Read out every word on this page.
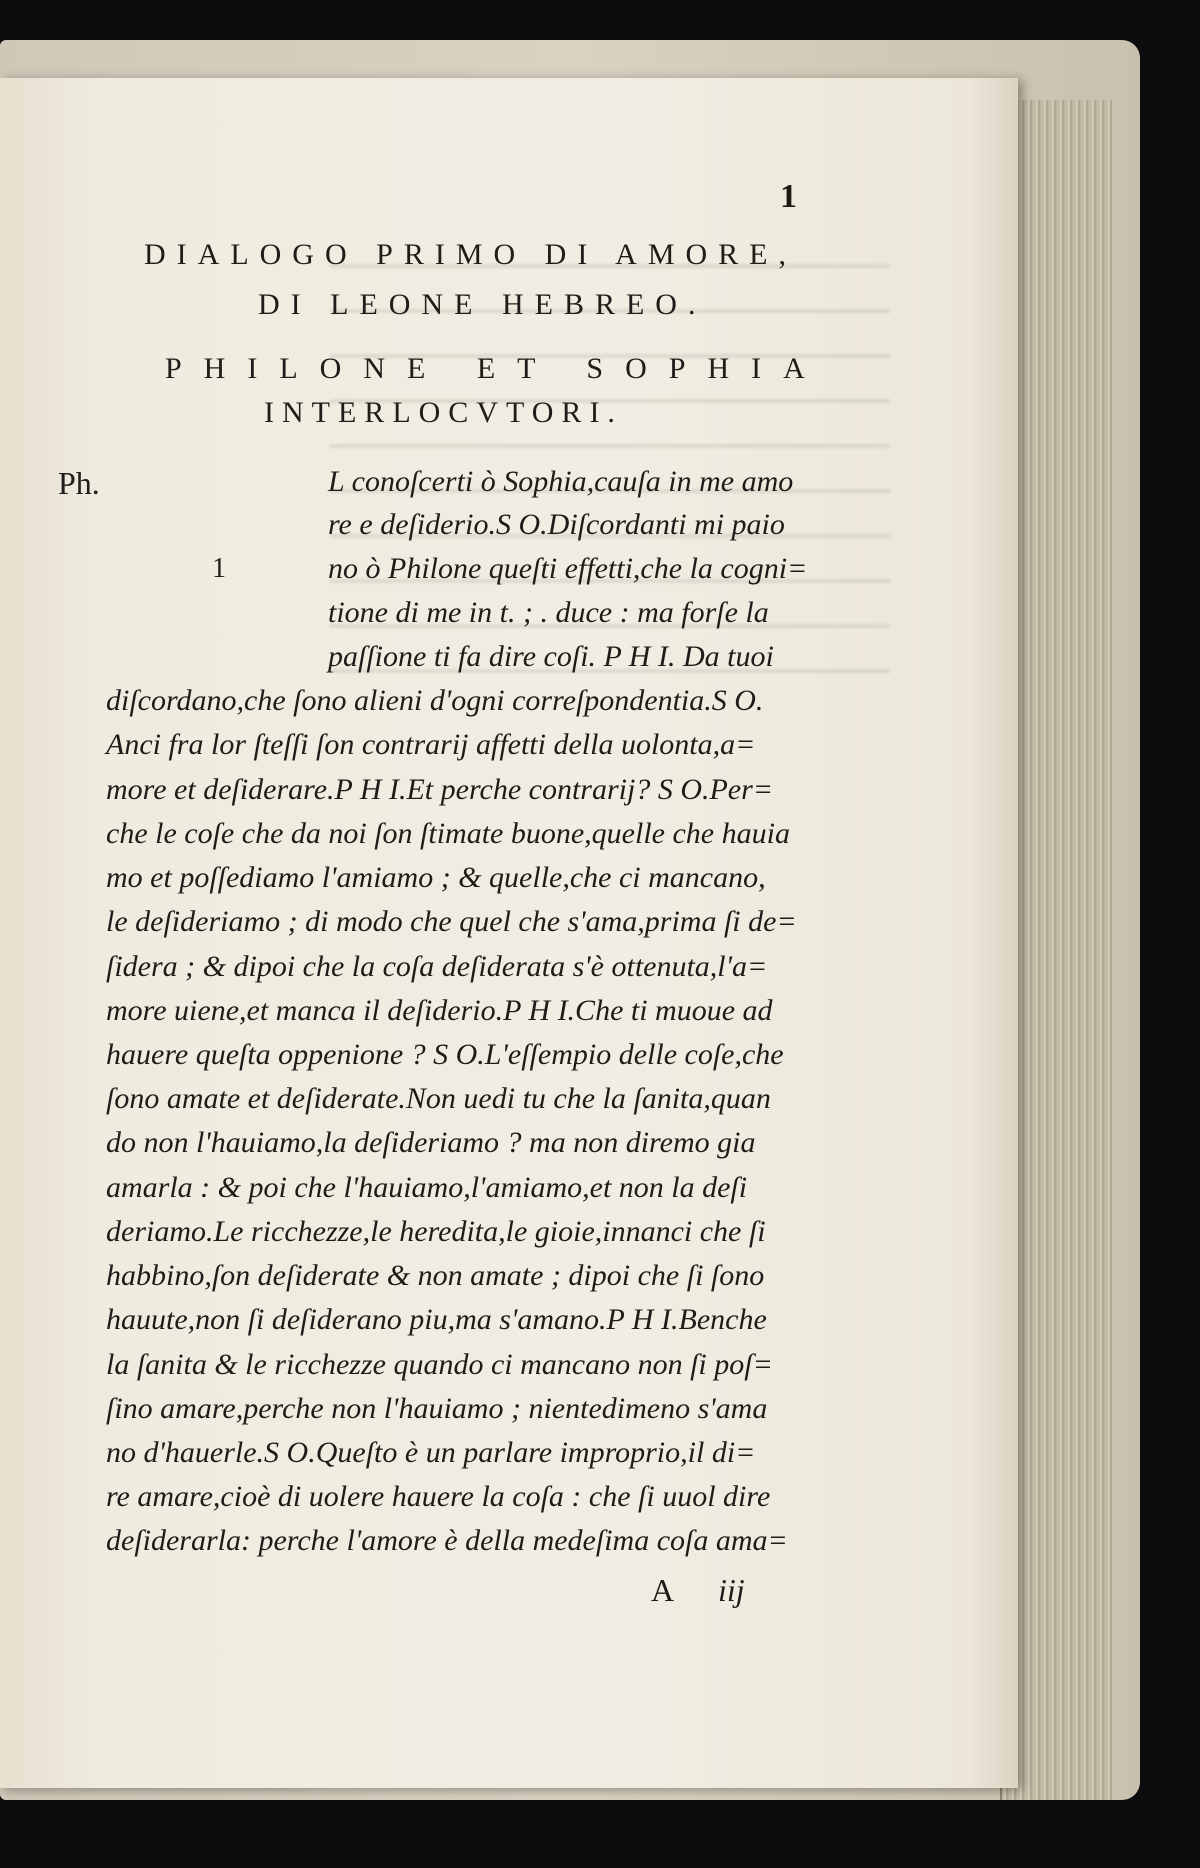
1
DIALOGO PRIMO DI AMORE,
DI LEONE HEBREO.
PHILONE ET SOPHIA
INTERLOCVTORI.
Ph.
1
L conoſcerti ò Sophia,cauſa in me amo
re e deſiderio.S O.Diſcordanti mi paio
no ò Philone queſti effetti,che la cogni=
tione di me in t. ; . duce : ma forſe la
paſſione ti fa dire coſi. P H I. Da tuoi
diſcordano,che ſono alieni d'ogni correſpondentia.S O.
Anci fra lor ſteſſi ſon contrarij affetti della uolonta,a=
more et deſiderare.P H I.Et perche contrarij? S O.Per=
che le coſe che da noi ſon ſtimate buone,quelle che hauia
mo et poſſediamo l'amiamo ; & quelle,che ci mancano,
le deſideriamo ; di modo che quel che s'ama,prima ſi de=
ſidera ; & dipoi che la coſa deſiderata s'è ottenuta,l'a=
more uiene,et manca il deſiderio.P H I.Che ti muoue ad
hauere queſta oppenione ? S O.L'eſſempio delle coſe,che
ſono amate et deſiderate.Non uedi tu che la ſanita,quan
do non l'hauiamo,la deſideriamo ? ma non diremo gia
amarla : & poi che l'hauiamo,l'amiamo,et non la deſi
deriamo.Le ricchezze,le heredita,le gioie,innanci che ſi
habbino,ſon deſiderate & non amate ; dipoi che ſi ſono
hauute,non ſi deſiderano piu,ma s'amano.P H I.Benche
la ſanita & le ricchezze quando ci mancano non ſi poſ=
ſino amare,perche non l'hauiamo ; nientedimeno s'ama
no d'hauerle.S O.Queſto è un parlare improprio,il di=
re amare,cioè di uolere hauere la coſa : che ſi uuol dire
deſiderarla: perche l'amore è della medeſima coſa ama=
A iij
